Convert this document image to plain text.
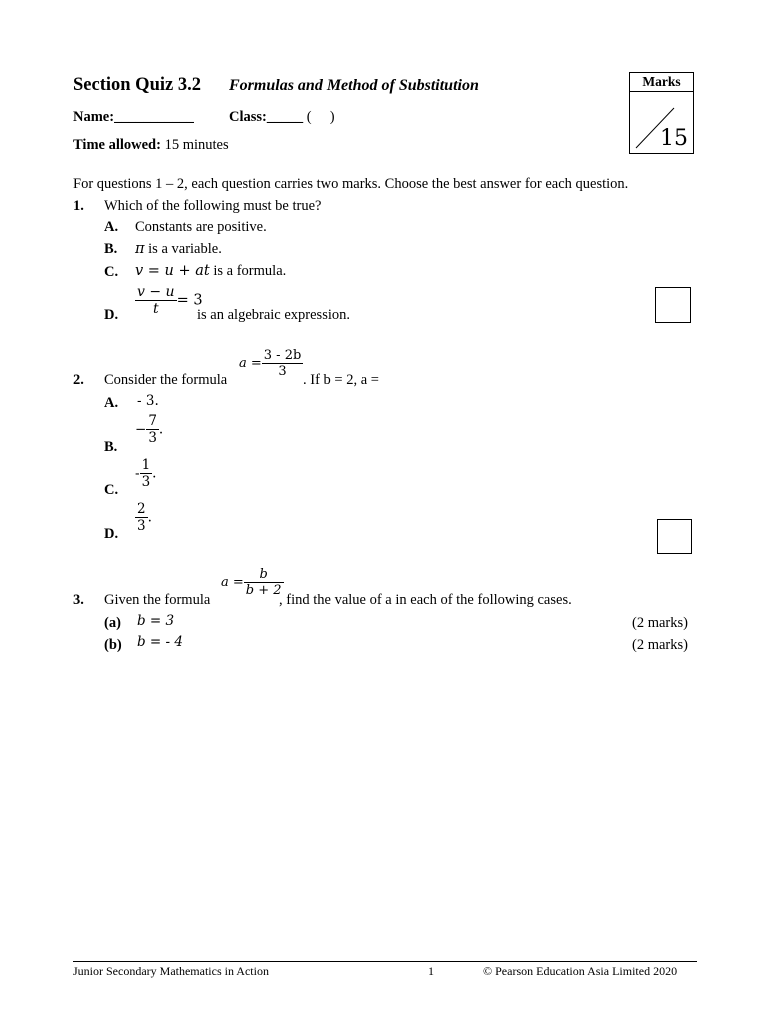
Section Quiz 3.2 Formulas and Method of Substitution
Name:___________ Class:_____ (     )
Time allowed: 15 minutes
Marks
15
For questions 1 – 2, each question carries two marks. Choose the best answer for each question.
1. Which of the following must be true?
A. Constants are positive.
B. π is a variable.
C. v = u + at is a formula.
D. $\frac{v - u}{t} = 3$
is an algebraic expression.
2. Consider the formula
$a = \frac{3 - 2b}{3}$
. If b = 2, a =
A. - 3.
B.
− $\frac{7}{3}$ .
C.
- $\frac{1}{3}$ .
D. $\frac{2}{3}$ .
3. Given the formula
$a = \frac{b}{b + 2}$
, find the value of a in each of the following cases.
(a) b = 3	(2 marks)
(b) b = - 4	(2 marks)
Junior Secondary Mathematics in Action	1	© Pearson Education Asia Limited 2020
